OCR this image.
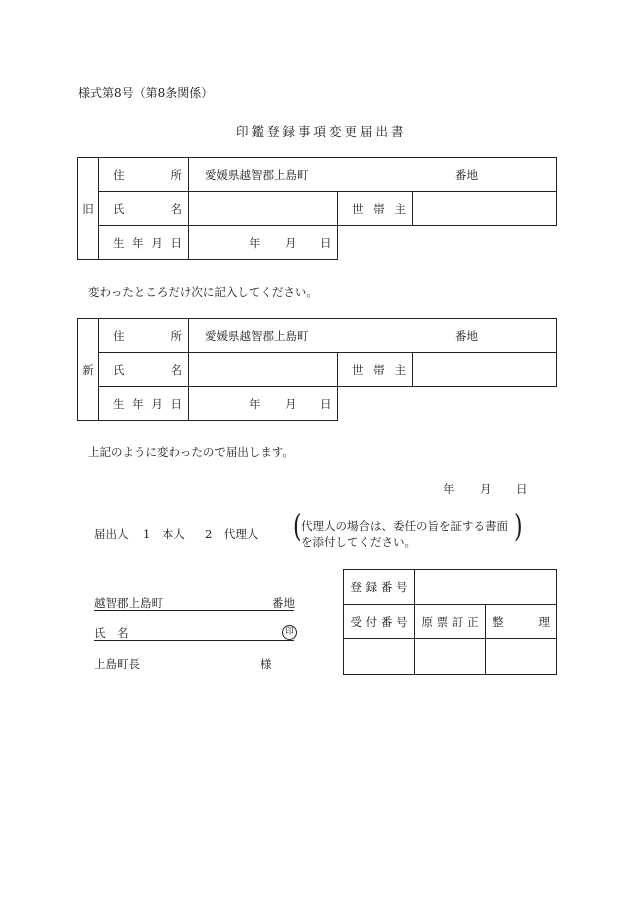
様式第8号（第8条関係）
印鑑登録事項変更届出書
旧	住 所	愛媛県越智郡上島町 番地		

	氏 名		世 帯 主	

	生 年 月 日	年 月 日		

変わったところだけ次に記入してください。
新	住 所	愛媛県越智郡上島町 番地		

	氏 名		世 帯 主	

	生 年 月 日	年 月 日		

上記のように変わったので届出します。
年 月 日
届出人 1　本人 2　代理人 ( 代理人の場合は、委任の旨を証する書面
を添付してください。	)
越智郡上島町	番地
氏　名	印
上島町長	様
登 録 番 号		
受 付 番 号	原 票 訂 正	整 理
